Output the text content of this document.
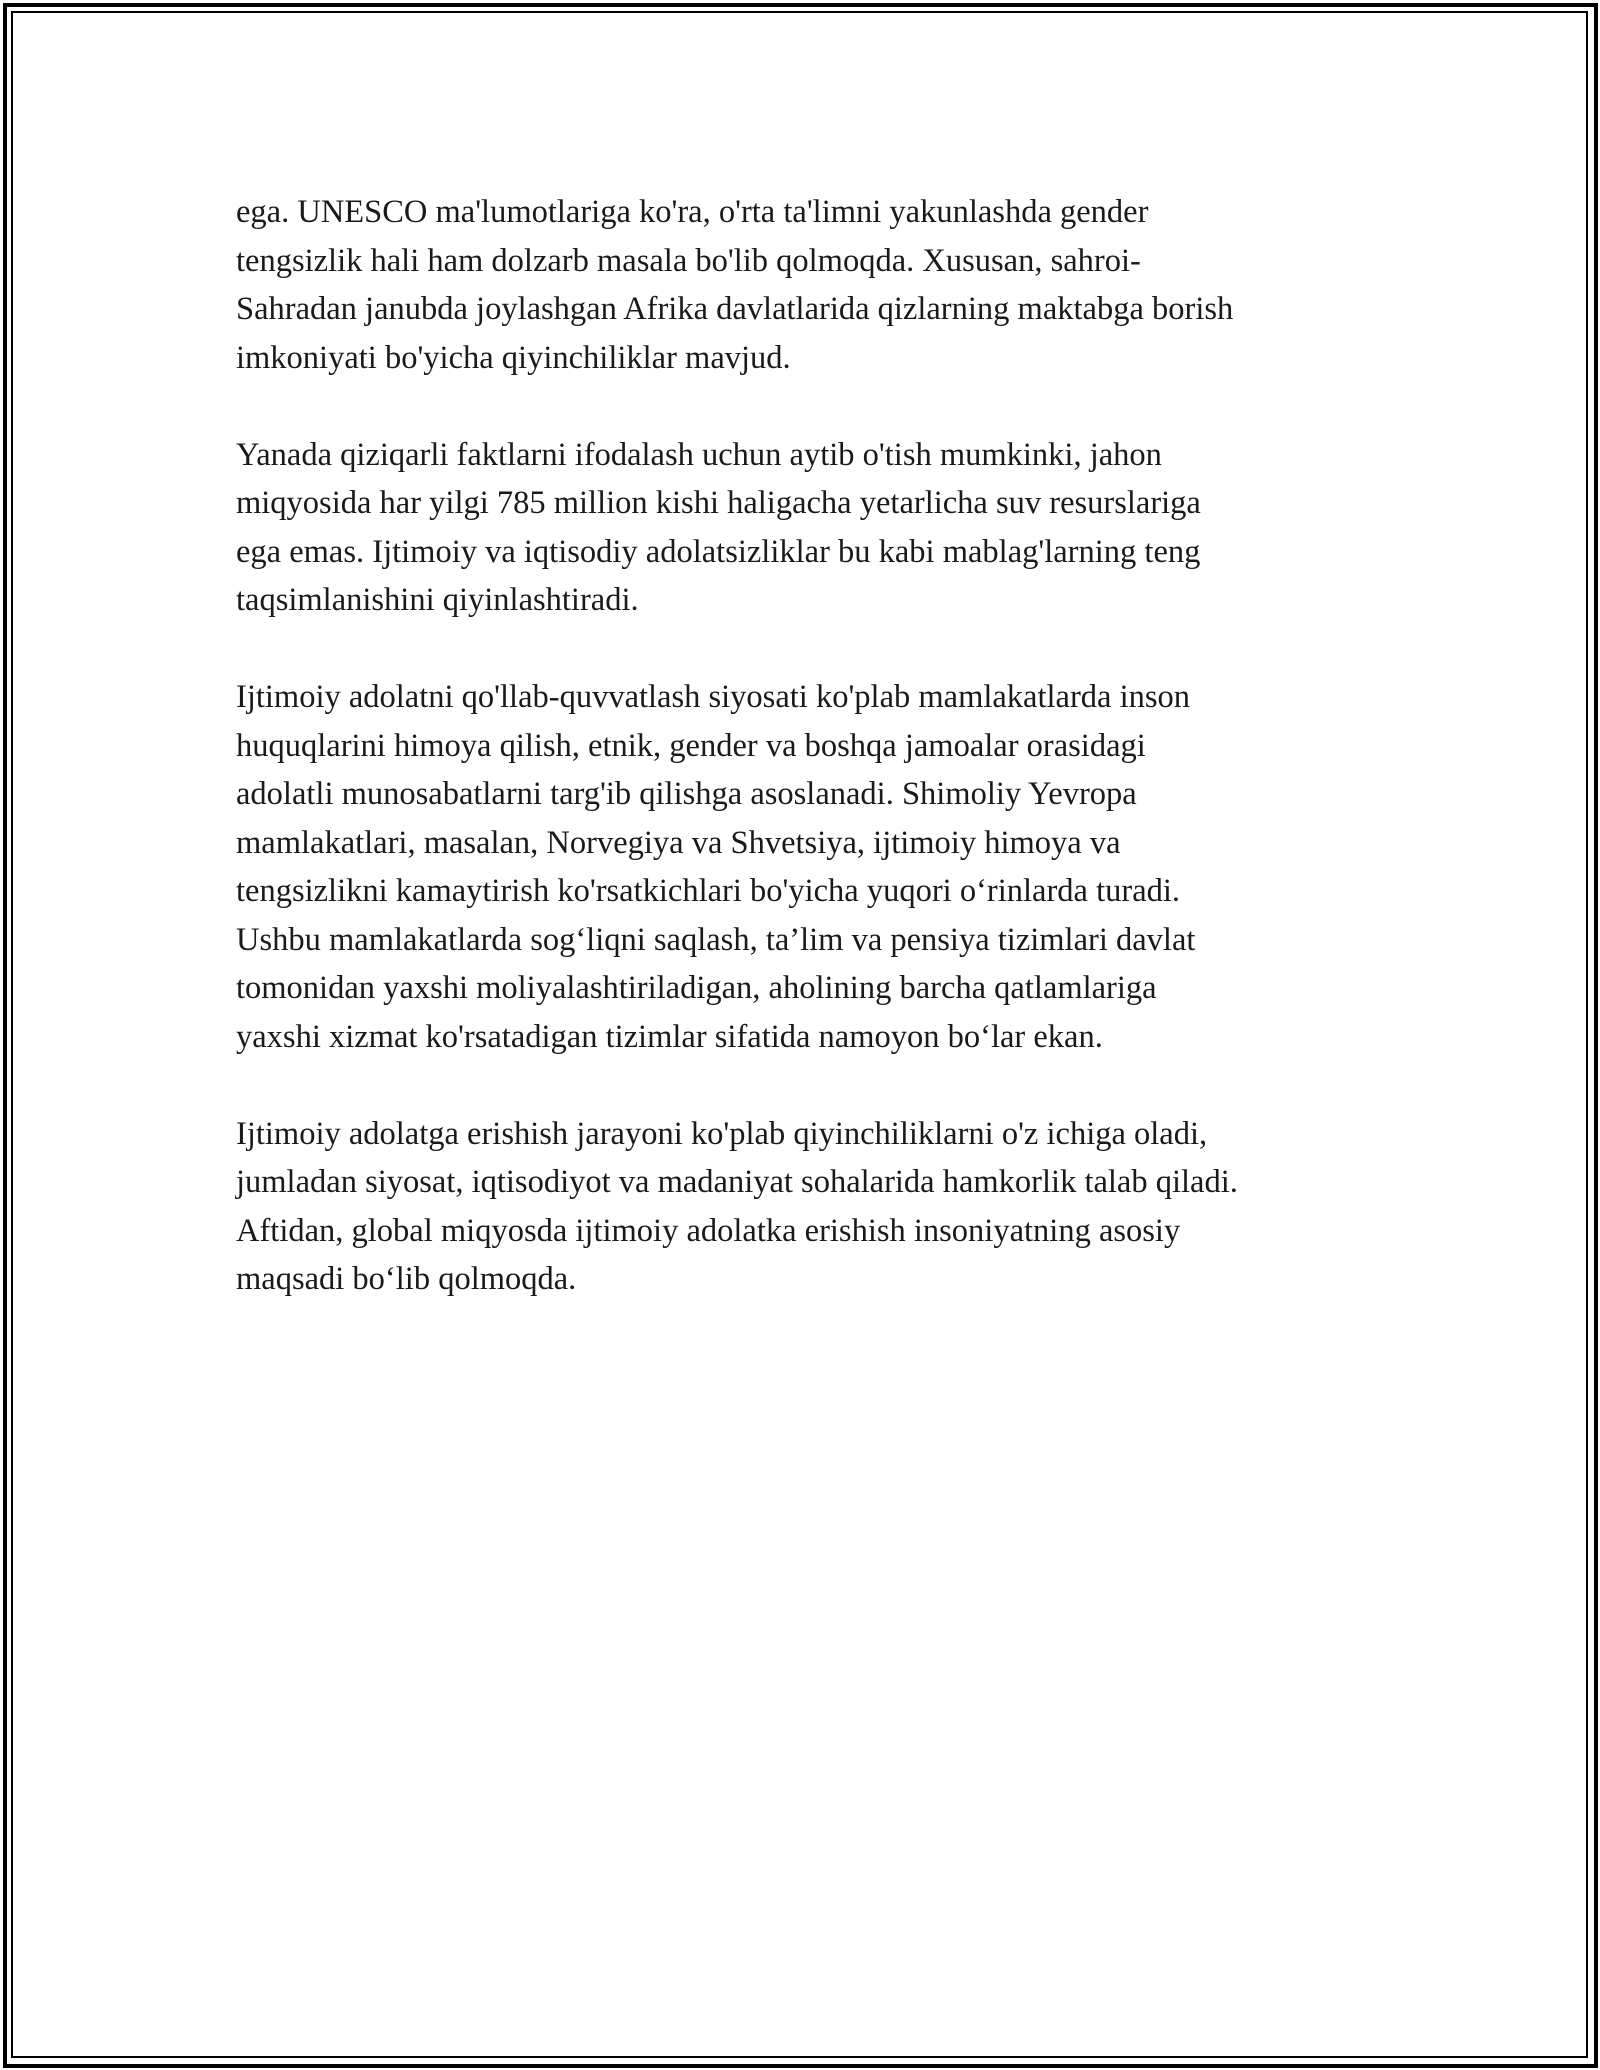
ega. UNESCO ma'lumotlariga ko'ra, o'rta ta'limni yakunlashda gender
tengsizlik hali ham dolzarb masala bo'lib qolmoqda. Xususan, sahroi-
Sahradan janubda joylashgan Afrika davlatlarida qizlarning maktabga borish
imkoniyati bo'yicha qiyinchiliklar mavjud.

Yanada qiziqarli faktlarni ifodalash uchun aytib o'tish mumkinki, jahon
miqyosida har yilgi 785 million kishi haligacha yetarlicha suv resurslariga
ega emas. Ijtimoiy va iqtisodiy adolatsizliklar bu kabi mablag'larning teng
taqsimlanishini qiyinlashtiradi.

Ijtimoiy adolatni qo'llab-quvvatlash siyosati ko'plab mamlakatlarda inson
huquqlarini himoya qilish, etnik, gender va boshqa jamoalar orasidagi
adolatli munosabatlarni targ'ib qilishga asoslanadi. Shimoliy Yevropa
mamlakatlari, masalan, Norvegiya va Shvetsiya, ijtimoiy himoya va
tengsizlikni kamaytirish ko'rsatkichlari bo'yicha yuqori o‘rinlarda turadi.
Ushbu mamlakatlarda sog‘liqni saqlash, ta’lim va pensiya tizimlari davlat
tomonidan yaxshi moliyalashtiriladigan, aholining barcha qatlamlariga
yaxshi xizmat ko'rsatadigan tizimlar sifatida namoyon bo‘lar ekan.

Ijtimoiy adolatga erishish jarayoni ko'plab qiyinchiliklarni o'z ichiga oladi,
jumladan siyosat, iqtisodiyot va madaniyat sohalarida hamkorlik talab qiladi.
Aftidan, global miqyosda ijtimoiy adolatka erishish insoniyatning asosiy
maqsadi bo‘lib qolmoqda.
